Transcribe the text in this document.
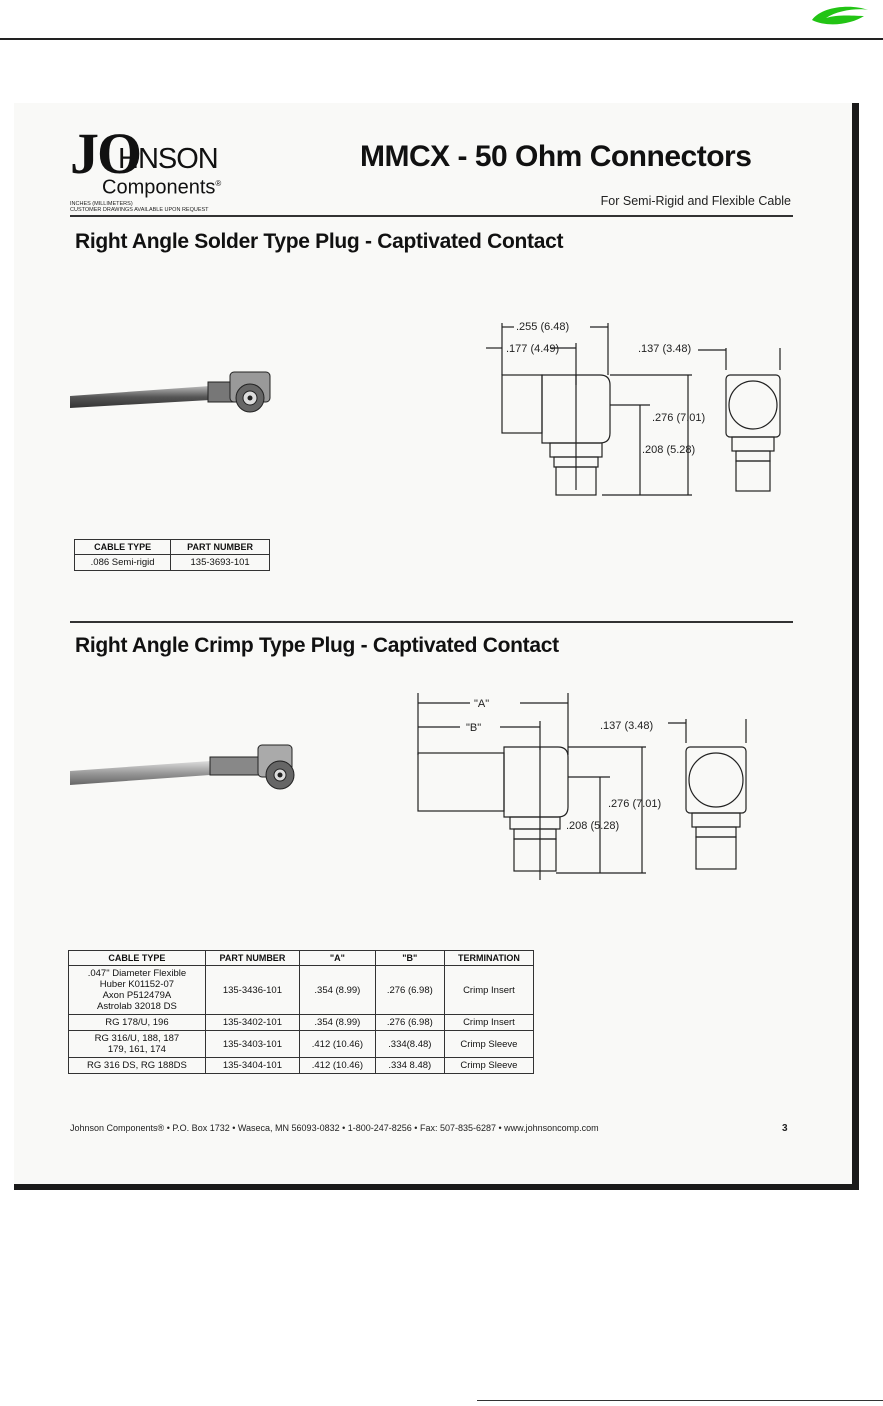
JO
HNSON
Components®
INCHES (MILLIMETERS)
CUSTOMER DRAWINGS AVAILABLE UPON REQUEST
MMCX - 50 Ohm Connectors
For Semi-Rigid and Flexible Cable
Right Angle Solder Type Plug - Captivated Contact
.255 (6.48)
.177 (4.49)	.137 (3.48)
.276 (7.01)
.208 (5.28)
CABLE TYPE	PART NUMBER
.086 Semi-rigid	135-3693-101
Right Angle Crimp Type Plug - Captivated Contact
"A"
"B"	.137 (3.48)
.276 (7.01)
.208 (5.28)
CABLE TYPE	PART NUMBER	"A"	"B"	TERMINATION
.047" Diameter Flexible
Huber K01152-07
Axon P512479A
Astrolab 32018 DS	135-3436-101	.354 (8.99)	.276 (6.98)	Crimp Insert
RG 178/U, 196	135-3402-101	.354 (8.99)	.276 (6.98)	Crimp Insert
RG 316/U, 188, 187
179, 161, 174	135-3403-101	.412 (10.46)	.334(8.48)	Crimp Sleeve
RG 316 DS, RG 188DS	135-3404-101	.412 (10.46)	.334 8.48)	Crimp Sleeve
Johnson Components® • P.O. Box 1732 • Waseca, MN 56093-0832 • 1-800-247-8256 • Fax: 507-835-6287 • www.johnsoncomp.com	3
